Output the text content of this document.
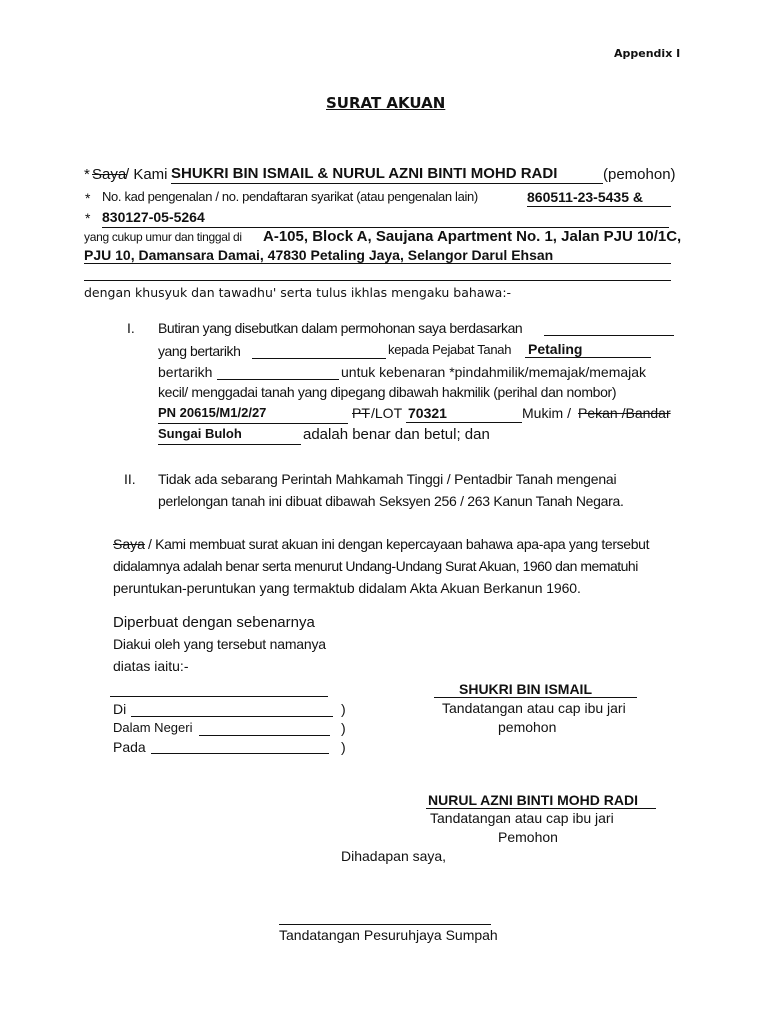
Appendix I
SURAT AKUAN
* Saya
/ Kami SHUKRI BIN ISMAIL & NURUL AZNI BINTI MOHD RADI	(pemohon)
* No. kad pengenalan / no. pendaftaran syarikat (atau pengenalan lain)	860511-23-5435 &
* 830127-05-5264
yang cukup umur dan tinggal di A-105, Block A, Saujana Apartment No. 1, Jalan PJU 10/1C,
PJU 10, Damansara Damai, 47830 Petaling Jaya, Selangor Darul Ehsan
dengan khusyuk dan tawadhu' serta tulus ikhlas mengaku bahawa:-
I. Butiran yang disebutkan dalam permohonan saya berdasarkan
yang bertarikh	kepada Pejabat Tanah Petaling
bertarikh	untuk kebenaran *pindahmilik/memajak/memajak
kecil/ menggadai tanah yang dipegang dibawah hakmilik (perihal dan nombor)
PN 20615/M1/2/27	PT /LOT 70321	Mukim / Pekan /Bandar
Sungai Buloh	adalah benar dan betul; dan
II. Tidak ada sebarang Perintah Mahkamah Tinggi / Pentadbir Tanah mengenai
perlelongan tanah ini dibuat dibawah Seksyen 256 / 263 Kanun Tanah Negara.
Saya / Kami membuat surat akuan ini dengan kepercayaan bahawa apa-apa yang tersebut
didalamnya adalah benar serta menurut Undang-Undang Surat Akuan, 1960 dan mematuhi
peruntukan-peruntukan yang termaktub didalam Akta Akuan Berkanun 1960.
Diperbuat dengan sebenarnya
Diakui oleh yang tersebut namanya
diatas iaitu:-
Di	)
Dalam Negeri	)
Pada	)
SHUKRI BIN ISMAIL
Tandatangan atau cap ibu jari
pemohon
NURUL AZNI BINTI MOHD RADI
Tandatangan atau cap ibu jari
Pemohon
Dihadapan saya,
Tandatangan Pesuruhjaya Sumpah
